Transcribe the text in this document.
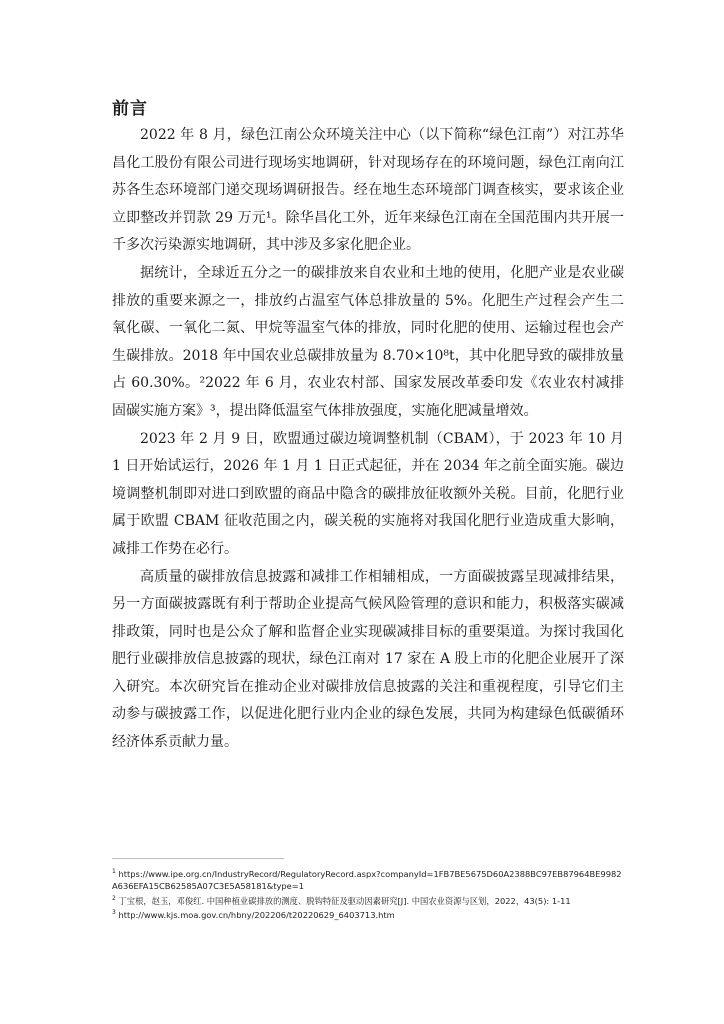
前言

2022 年 8 月，绿色江南公众环境关注中心（以下简称“绿色江南”）对江苏华昌化工股份有限公司进行现场实地调研，针对现场存在的环境问题，绿色江南向江苏各生态环境部门递交现场调研报告。经在地生态环境部门调查核实，要求该企业立即整改并罚款 29 万元¹。除华昌化工外，近年来绿色江南在全国范围内共开展一千多次污染源实地调研，其中涉及多家化肥企业。

据统计，全球近五分之一的碳排放来自农业和土地的使用，化肥产业是农业碳排放的重要来源之一，排放约占温室气体总排放量的 5%。化肥生产过程会产生二氧化碳、一氧化二氮、甲烷等温室气体的排放，同时化肥的使用、运输过程也会产生碳排放。2018 年中国农业总碳排放量为 8.70×10⁸t，其中化肥导致的碳排放量占 60.30%。²2022 年 6 月，农业农村部、国家发展改革委印发《农业农村减排固碳实施方案》³，提出降低温室气体排放强度，实施化肥减量增效。

2023 年 2 月 9 日，欧盟通过碳边境调整机制（CBAM），于 2023 年 10 月 1 日开始试运行，2026 年 1 月 1 日正式起征，并在 2034 年之前全面实施。碳边境调整机制即对进口到欧盟的商品中隐含的碳排放征收额外关税。目前，化肥行业属于欧盟 CBAM 征收范围之内，碳关税的实施将对我国化肥行业造成重大影响，减排工作势在必行。

高质量的碳排放信息披露和减排工作相辅相成，一方面碳披露呈现减排结果，另一方面碳披露既有利于帮助企业提高气候风险管理的意识和能力，积极落实碳减排政策，同时也是公众了解和监督企业实现碳减排目标的重要渠道。为探讨我国化肥行业碳排放信息披露的现状，绿色江南对 17 家在 A 股上市的化肥企业展开了深入研究。本次研究旨在推动企业对碳排放信息披露的关注和重视程度，引导它们主动参与碳披露工作，以促进化肥行业内企业的绿色发展，共同为构建绿色低碳循环经济体系贡献力量。

$^1$ https://www.ipe.org.cn/IndustryRecord/RegulatoryRecord.aspx?companyId=1FB7BE5675D60A2388BC97EB87964BE9982A636EFA15CB62585A07C3E5A58181&type=1

$^2$ 丁宝根，赵玉，邓俊红. 中国种植业碳排放的测度、脱钩特征及驱动因素研究[J]. 中国农业资源与区划，2022，43(5): 1-11

$^3$ http://www.kjs.moa.gov.cn/hbny/202206/t20220629_6403713.htm
